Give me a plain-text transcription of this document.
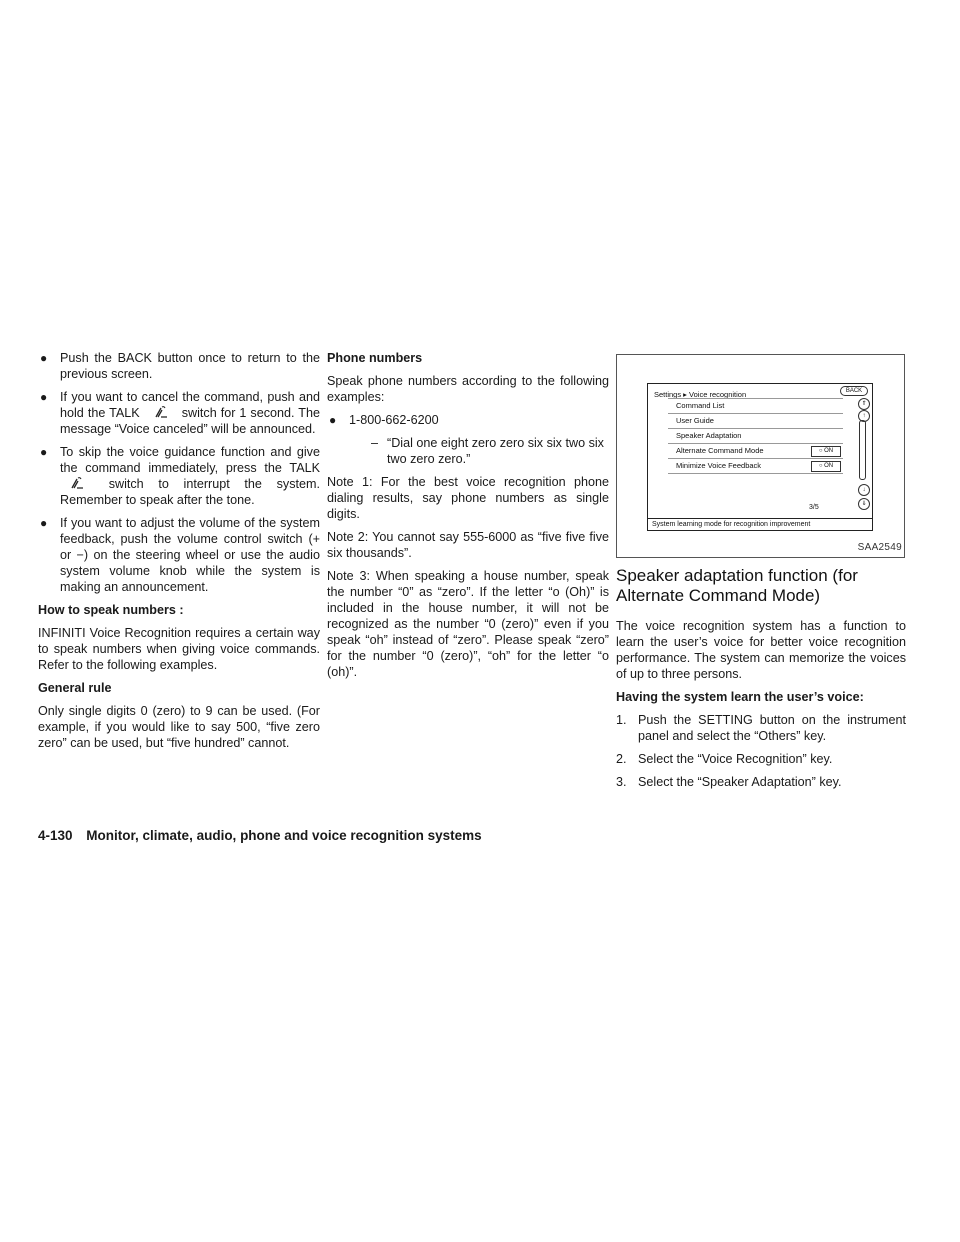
● Push the BACK button once to return to the previous screen.
● If you want to cancel the command, push and hold the TALK	switch for 1 second. The message “Voice canceled” will be announced.
● To skip the voice guidance function and give the command immediately, press the TALK
switch to interrupt the system. Remember to speak after the tone.
● If you want to adjust the volume of the system feedback, push the volume control switch (+ or −) on the steering wheel or use the audio system volume knob while the system is making an announcement.

How to speak numbers :

INFINITI Voice Recognition requires a certain way to speak numbers when giving voice commands. Refer to the following examples.

General rule

Only single digits 0 (zero) to 9 can be used. (For example, if you would like to say 500, “five zero zero” can be used, but “five hundred” cannot.

Phone numbers

Speak phone numbers according to the following examples:

● 1-800-662-6200
– “Dial one eight zero zero six six two six two zero zero.”

Note 1: For the best voice recognition phone dialing results, say phone numbers as single digits.

Note 2: You cannot say 555-6000 as “five five five six thousands”.

Note 3: When speaking a house number, speak the number “0” as “zero”. If the letter “o (Oh)” is included in the house number, it will not be recognized as the number “0 (zero)” even if you speak “oh” instead of “zero”. Please speak “zero” for the number “0 (zero)”, “oh” for the letter “o (oh)”.

Settings ▸ Voice recognition	BACK
Command List
User Guide
Speaker Adaptation
Alternate Command Mode	○ ON
Minimize Voice Feedback	○ ON
⇑
↑
↓
⇓
3/5
System learning mode for recognition improvement
SAA2549
Speaker adaptation function (for Alternate Command Mode)

The voice recognition system has a function to learn the user’s voice for better voice recognition performance. The system can memorize the voices of up to three persons.

Having the system learn the user’s voice:

1. Push the SETTING button on the instrument panel and select the “Others” key.
2. Select the “Voice Recognition” key.
3. Select the “Speaker Adaptation” key.
4-130 Monitor, climate, audio, phone and voice recognition systems
